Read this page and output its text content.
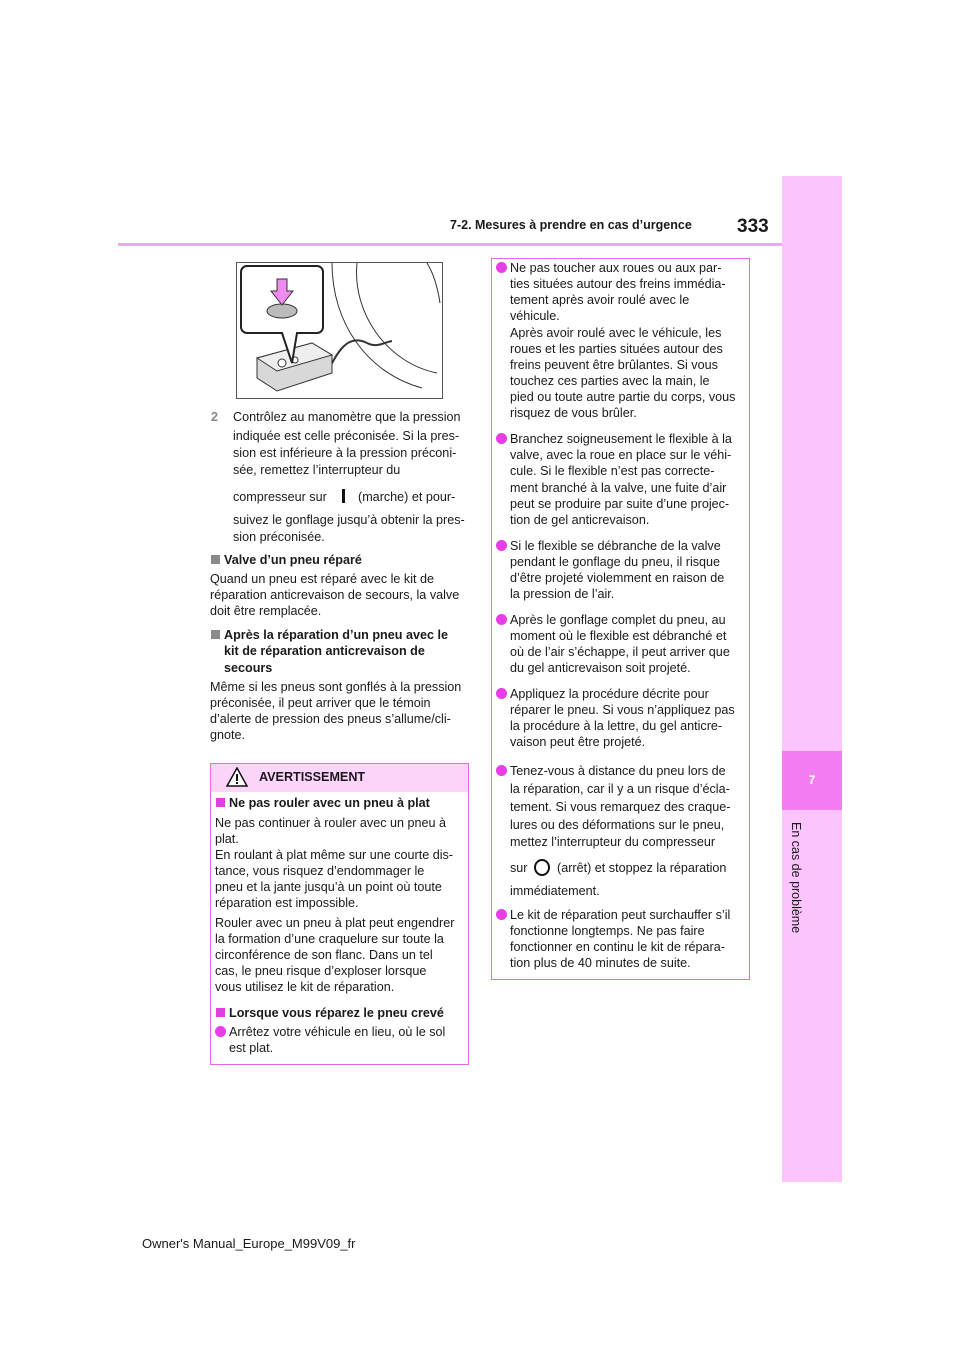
7-2. Mesures à prendre en cas d’urgence 333
7
En cas de problème
AVERTISSEMENT
Owner's Manual_Europe_M99V09_fr
2 Contrôlez au manomètre que la pression
indiquée est celle préconisée. Si la pres-
sion est inférieure à la pression préconi-
sée, remettez l’interrupteur du
compresseur sur (marche) et pour-
suivez le gonflage jusqu’à obtenir la pres-
sion préconisée.
Valve d’un pneu réparé
Quand un pneu est réparé avec le kit de
réparation anticrevaison de secours, la valve
doit être remplacée.
Après la réparation d’un pneu avec le
kit de réparation anticrevaison de
secours
Même si les pneus sont gonflés à la pression
préconisée, il peut arriver que le témoin
d’alerte de pression des pneus s’allume/cli-
gnote.
Ne pas rouler avec un pneu à plat
Ne pas continuer à rouler avec un pneu à
plat.
En roulant à plat même sur une courte dis-
tance, vous risquez d’endommager le
pneu et la jante jusqu’à un point où toute
réparation est impossible.
Rouler avec un pneu à plat peut engendrer
la formation d’une craquelure sur toute la
circonférence de son flanc. Dans un tel
cas, le pneu risque d’exploser lorsque
vous utilisez le kit de réparation.
Lorsque vous réparez le pneu crevé
Arrêtez votre véhicule en lieu, où le sol
est plat.
Ne pas toucher aux roues ou aux par-
ties situées autour des freins immédia-
tement après avoir roulé avec le
véhicule.
Après avoir roulé avec le véhicule, les
roues et les parties situées autour des
freins peuvent être brûlantes. Si vous
touchez ces parties avec la main, le
pied ou toute autre partie du corps, vous
risquez de vous brûler.
Branchez soigneusement le flexible à la
valve, avec la roue en place sur le véhi-
cule. Si le flexible n’est pas correcte-
ment branché à la valve, une fuite d’air
peut se produire par suite d’une projec-
tion de gel anticrevaison.
Si le flexible se débranche de la valve
pendant le gonflage du pneu, il risque
d’être projeté violemment en raison de
la pression de l’air.
Après le gonflage complet du pneu, au
moment où le flexible est débranché et
où de l’air s’échappe, il peut arriver que
du gel anticrevaison soit projeté.
Appliquez la procédure décrite pour
réparer le pneu. Si vous n’appliquez pas
la procédure à la lettre, du gel anticre-
vaison peut être projeté.
Tenez-vous à distance du pneu lors de
la réparation, car il y a un risque d’écla-
tement. Si vous remarquez des craque-
lures ou des déformations sur le pneu,
mettez l’interrupteur du compresseur
sur (arrêt) et stoppez la réparation
immédiatement.
Le kit de réparation peut surchauffer s’il
fonctionne longtemps. Ne pas faire
fonctionner en continu le kit de répara-
tion plus de 40 minutes de suite.
